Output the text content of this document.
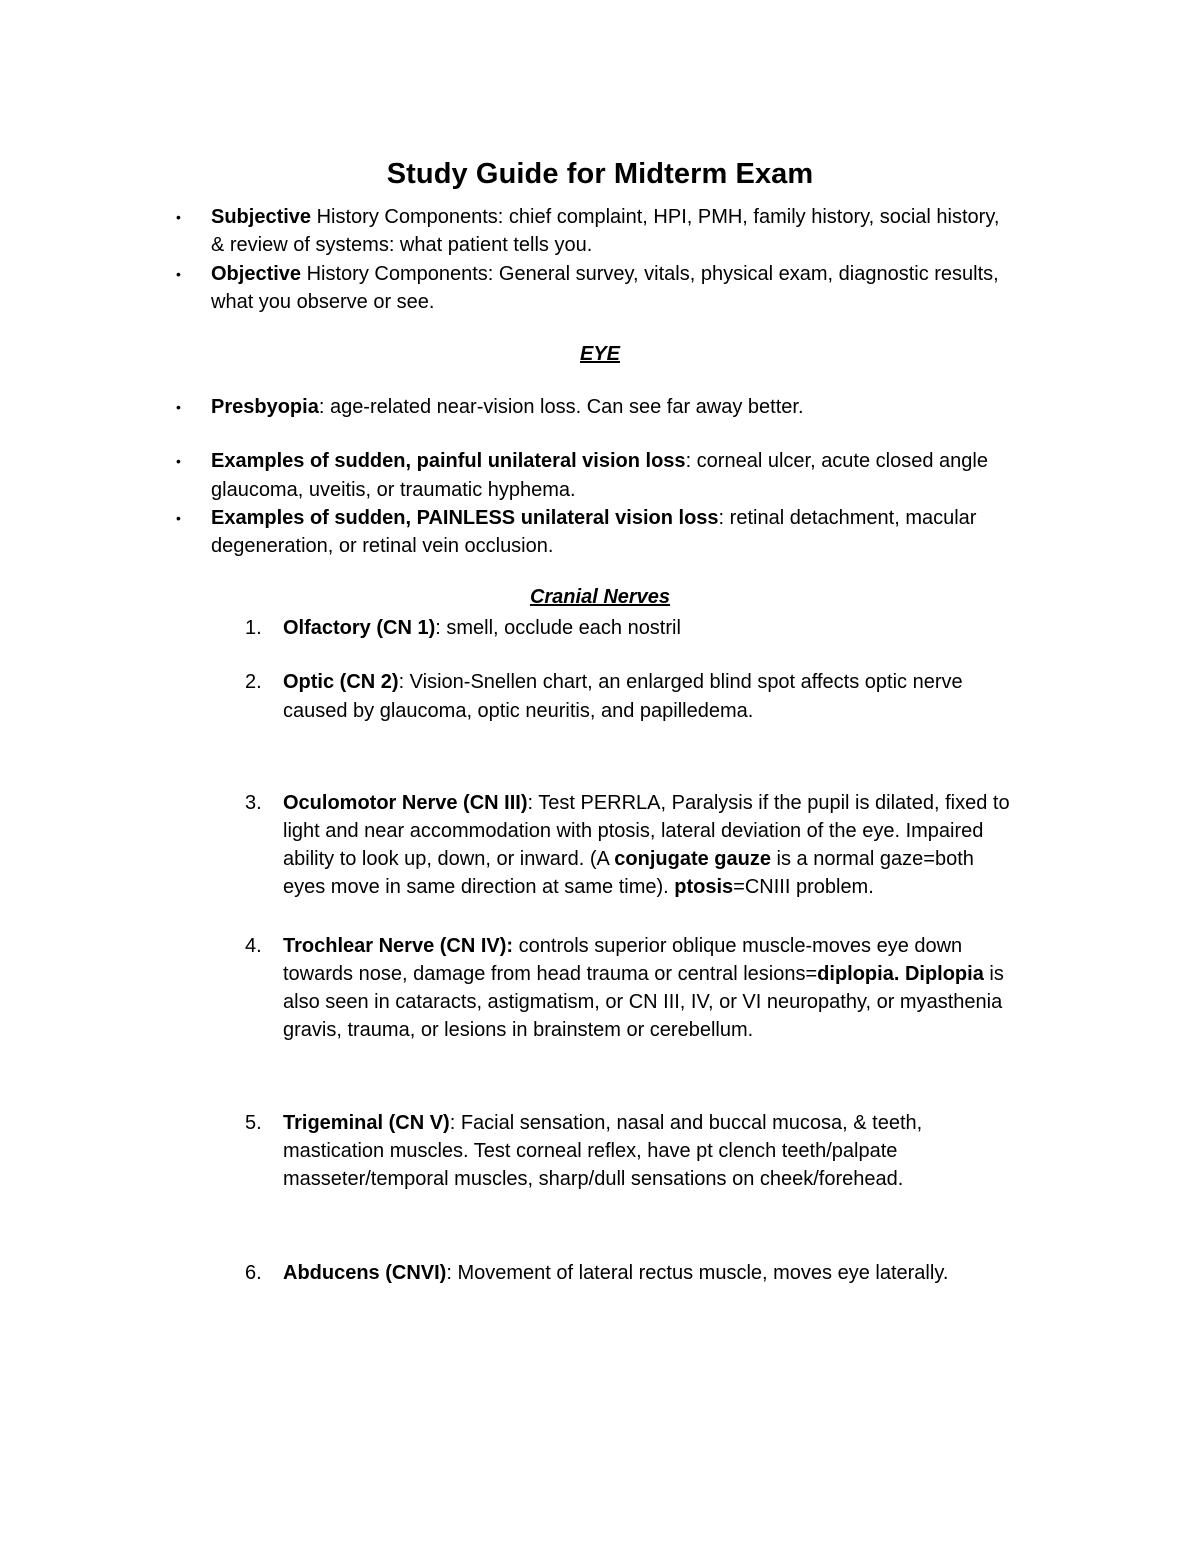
Study Guide for Midterm Exam
• Subjective History Components: chief complaint, HPI, PMH, family history, social history,
& review of systems: what patient tells you.
• Objective History Components: General survey, vitals, physical exam, diagnostic results,
what you observe or see.
EYE
• Presbyopia: age-related near-vision loss. Can see far away better.
• Examples of sudden, painful unilateral vision loss: corneal ulcer, acute closed angle
glaucoma, uveitis, or traumatic hyphema.
• Examples of sudden, PAINLESS unilateral vision loss: retinal detachment, macular
degeneration, or retinal vein occlusion.
Cranial Nerves
1. Olfactory (CN 1): smell, occlude each nostril
2. Optic (CN 2): Vision-Snellen chart, an enlarged blind spot affects optic nerve
caused by glaucoma, optic neuritis, and papilledema.
3. Oculomotor Nerve (CN III): Test PERRLA, Paralysis if the pupil is dilated, fixed to
light and near accommodation with ptosis, lateral deviation of the eye. Impaired
ability to look up, down, or inward. (A conjugate gauze is a normal gaze=both
eyes move in same direction at same time). ptosis=CNIII problem.
4. Trochlear Nerve (CN IV): controls superior oblique muscle-moves eye down
towards nose, damage from head trauma or central lesions=diplopia. Diplopia is
also seen in cataracts, astigmatism, or CN III, IV, or VI neuropathy, or myasthenia
gravis, trauma, or lesions in brainstem or cerebellum.
5. Trigeminal (CN V): Facial sensation, nasal and buccal mucosa, & teeth,
mastication muscles. Test corneal reflex, have pt clench teeth/palpate
masseter/temporal muscles, sharp/dull sensations on cheek/forehead.
6. Abducens (CNVI): Movement of lateral rectus muscle, moves eye laterally.
